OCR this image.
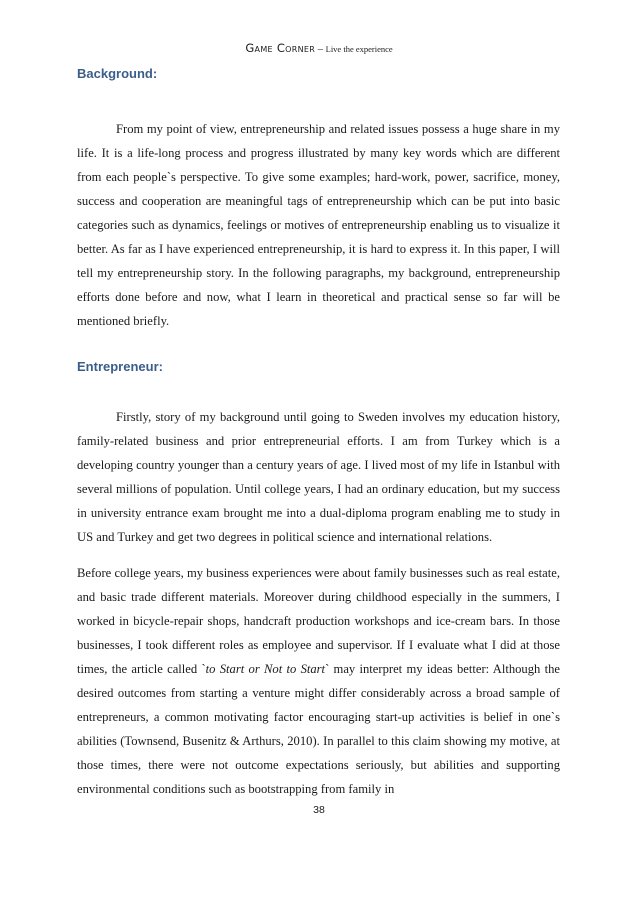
Game Corner – Live the experience
Background:

From my point of view, entrepreneurship and related issues possess a huge share in my life. It is a life-long process and progress illustrated by many key words which are different from each people`s perspective. To give some examples; hard-work, power, sacrifice, money, success and cooperation are meaningful tags of entrepreneurship which can be put into basic categories such as dynamics, feelings or motives of entrepreneurship enabling us to visualize it better. As far as I have experienced entrepreneurship, it is hard to express it. In this paper, I will tell my entrepreneurship story. In the following paragraphs, my background, entrepreneurship efforts done before and now, what I learn in theoretical and practical sense so far will be mentioned briefly.

Entrepreneur:

Firstly, story of my background until going to Sweden involves my education history, family-related business and prior entrepreneurial efforts. I am from Turkey which is a developing country younger than a century years of age. I lived most of my life in Istanbul with several millions of population. Until college years, I had an ordinary education, but my success in university entrance exam brought me into a dual-diploma program enabling me to study in US and Turkey and get two degrees in political science and international relations.

Before college years, my business experiences were about family businesses such as real estate, and basic trade different materials. Moreover during childhood especially in the summers, I worked in bicycle-repair shops, handcraft production workshops and ice-cream bars. In those businesses, I took different roles as employee and supervisor. If I evaluate what I did at those times, the article called `to Start or Not to Start` may interpret my ideas better: Although the desired outcomes from starting a venture might differ considerably across a broad sample of entrepreneurs, a common motivating factor encouraging start-up activities is belief in one`s abilities (Townsend, Busenitz & Arthurs, 2010). In parallel to this claim showing my motive, at those times, there were not outcome expectations seriously, but abilities and supporting environmental conditions such as bootstrapping from family in

38
